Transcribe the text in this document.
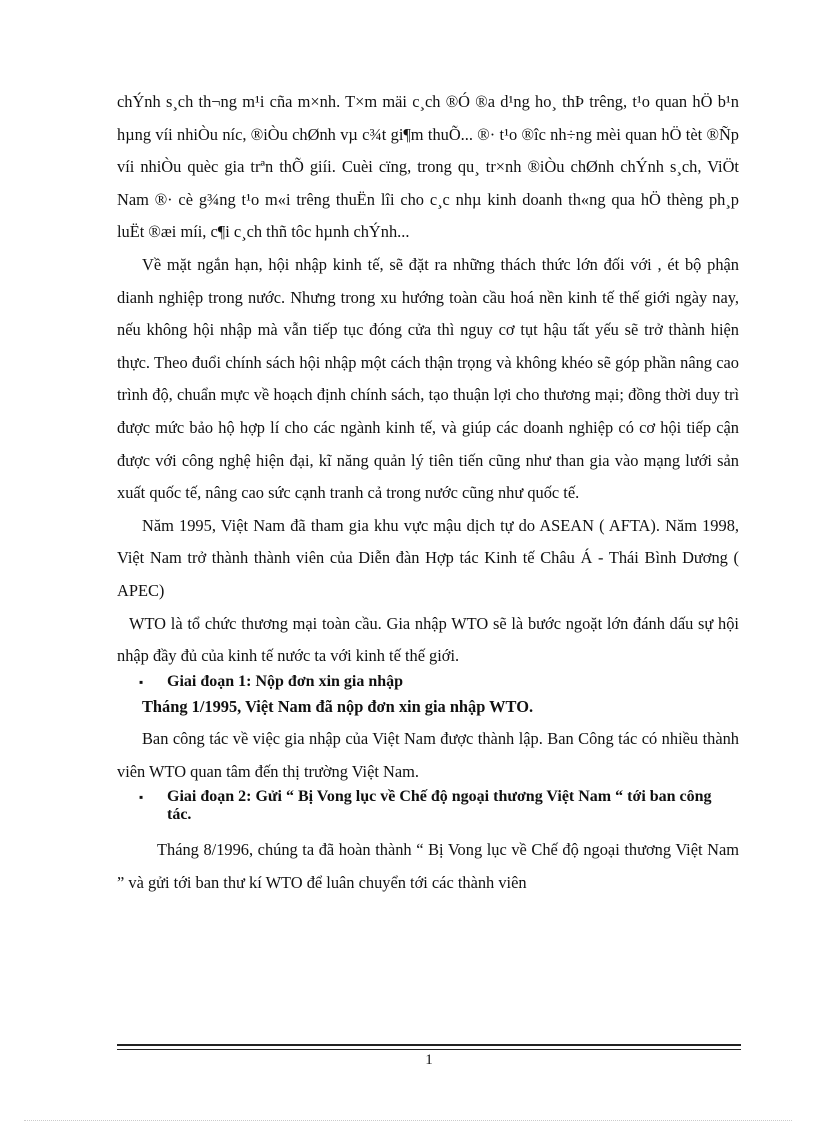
chÝnh s¸ch th¬ng m¹i cña m×nh. T×m mäi c¸ch ®Ó ®a d¹ng ho¸ thÞ trêng, t¹o quan hÖ b¹n hµng víi nhiÒu níc, ®iÒu chØnh vµ c¾t gi¶m thuÕ... ®· t¹o ®îc nh÷ng mèi quan hÖ tèt ®Ñp víi nhiÒu quèc gia trªn thÕ giíi. Cuèi cïng, trong qu¸ tr×nh ®iÒu chØnh chÝnh s¸ch, ViÖt Nam ®· cè g¾ng t¹o m«i trêng thuËn lîi cho c¸c nhµ kinh doanh th«ng qua hÖ thèng ph¸p luËt ®æi míi, c¶i c¸ch thñ tôc hµnh chÝnh...

Về mặt ngắn hạn, hội nhập kinh tế, sẽ đặt ra những thách thức lớn đối với , ét bộ phận dianh nghiệp trong nước. Nhưng trong xu hướng toàn cầu hoá nền kinh tế thế giới ngày nay, nếu không hội nhập mà vẫn tiếp tục đóng cửa thì nguy cơ tụt hậu tất yếu sẽ trở thành hiện thực. Theo đuổi chính sách hội nhập một cách thận trọng và không khéo sẽ góp phần nâng cao trình độ, chuẩn mực về hoạch định chính sách, tạo thuận lợi cho thương mại; đồng thời duy trì được mức bảo hộ hợp lí cho các ngành kinh tế, và giúp các doanh nghiệp có cơ hội tiếp cận được với công nghệ hiện đại, kĩ năng quản lý tiên tiến cũng như than gia vào mạng lưới sản xuất quốc tế, nâng cao sức cạnh tranh cả trong nước cũng như quốc tế.

Năm 1995, Việt Nam đã tham gia khu vực mậu dịch tự do ASEAN ( AFTA). Năm 1998, Việt Nam trở thành thành viên của Diễn đàn Hợp tác Kinh tế Châu Á - Thái Bình Dương ( APEC)

WTO là tổ chức thương mại toàn cầu. Gia nhập WTO sẽ là bước ngoặt lớn đánh dấu sự hội nhập đầy đủ của kinh tế nước ta với kinh tế thế giới.

▪	Giai đoạn 1: Nộp đơn xin gia nhập

Tháng 1/1995, Việt Nam đã nộp đơn xin gia nhập WTO.

Ban công tác về việc gia nhập của Việt Nam được thành lập. Ban Công tác có nhiều thành viên WTO quan tâm đến thị trường Việt Nam.

▪	Giai đoạn 2: Gửi “ Bị Vong lục về Chế độ ngoại thương Việt Nam “ tới ban công tác.

Tháng 8/1996, chúng ta đã hoàn thành “ Bị Vong lục về Chế độ ngoại thương Việt Nam ” và gửi tới ban thư kí WTO để luân chuyển tới các thành viên

1
